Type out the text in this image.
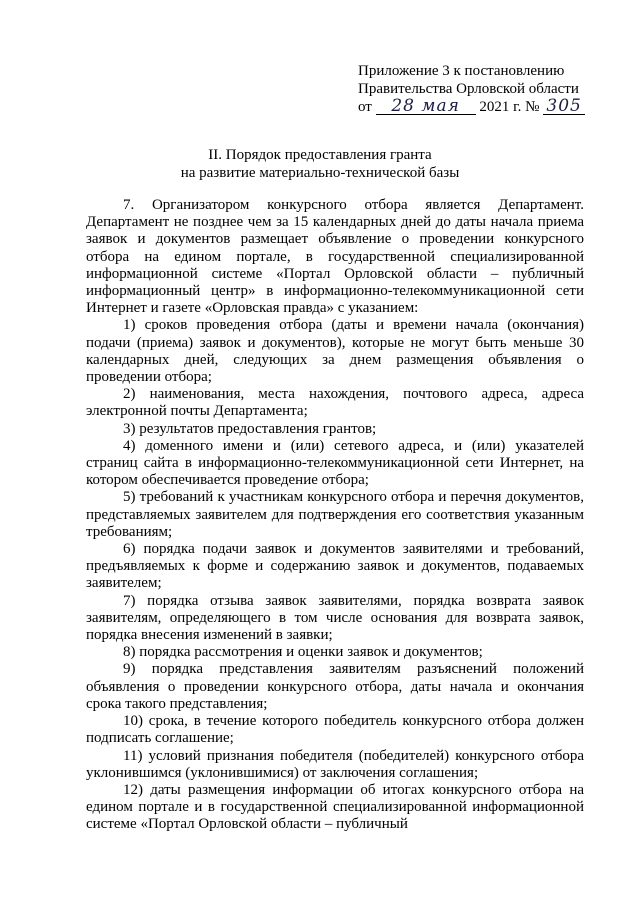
Приложение 3 к постановлению
Правительства Орловской области
от 28 мая 2021 г. № 305
II. Порядок предоставления гранта
на развитие материально-технической базы

7. Организатором конкурсного отбора является Департамент. Департамент не позднее чем за 15 календарных дней до даты начала приема заявок и документов размещает объявление о проведении конкурсного отбора на едином портале, в государственной специализированной информационной системе «Портал Орловской области – публичный информационный центр» в информационно-телекоммуникационной сети Интернет и газете «Орловская правда» с указанием:

1) сроков проведения отбора (даты и времени начала (окончания) подачи (приема) заявок и документов), которые не могут быть меньше 30 календарных дней, следующих за днем размещения объявления о проведении отбора;

2) наименования, места нахождения, почтового адреса, адреса электронной почты Департамента;

3) результатов предоставления грантов;

4) доменного имени и (или) сетевого адреса, и (или) указателей страниц сайта в информационно-телекоммуникационной сети Интернет, на котором обеспечивается проведение отбора;

5) требований к участникам конкурсного отбора и перечня документов, представляемых заявителем для подтверждения его соответствия указанным требованиям;

6) порядка подачи заявок и документов заявителями и требований, предъявляемых к форме и содержанию заявок и документов, подаваемых заявителем;

7) порядка отзыва заявок заявителями, порядка возврата заявок заявителям, определяющего в том числе основания для возврата заявок, порядка внесения изменений в заявки;

8) порядка рассмотрения и оценки заявок и документов;

9) порядка представления заявителям разъяснений положений объявления о проведении конкурсного отбора, даты начала и окончания срока такого представления;

10) срока, в течение которого победитель конкурсного отбора должен подписать соглашение;

11) условий признания победителя (победителей) конкурсного отбора уклонившимся (уклонившимися) от заключения соглашения;

12) даты размещения информации об итогах конкурсного отбора на едином портале и в государственной специализированной информационной системе «Портал Орловской области – публичный
